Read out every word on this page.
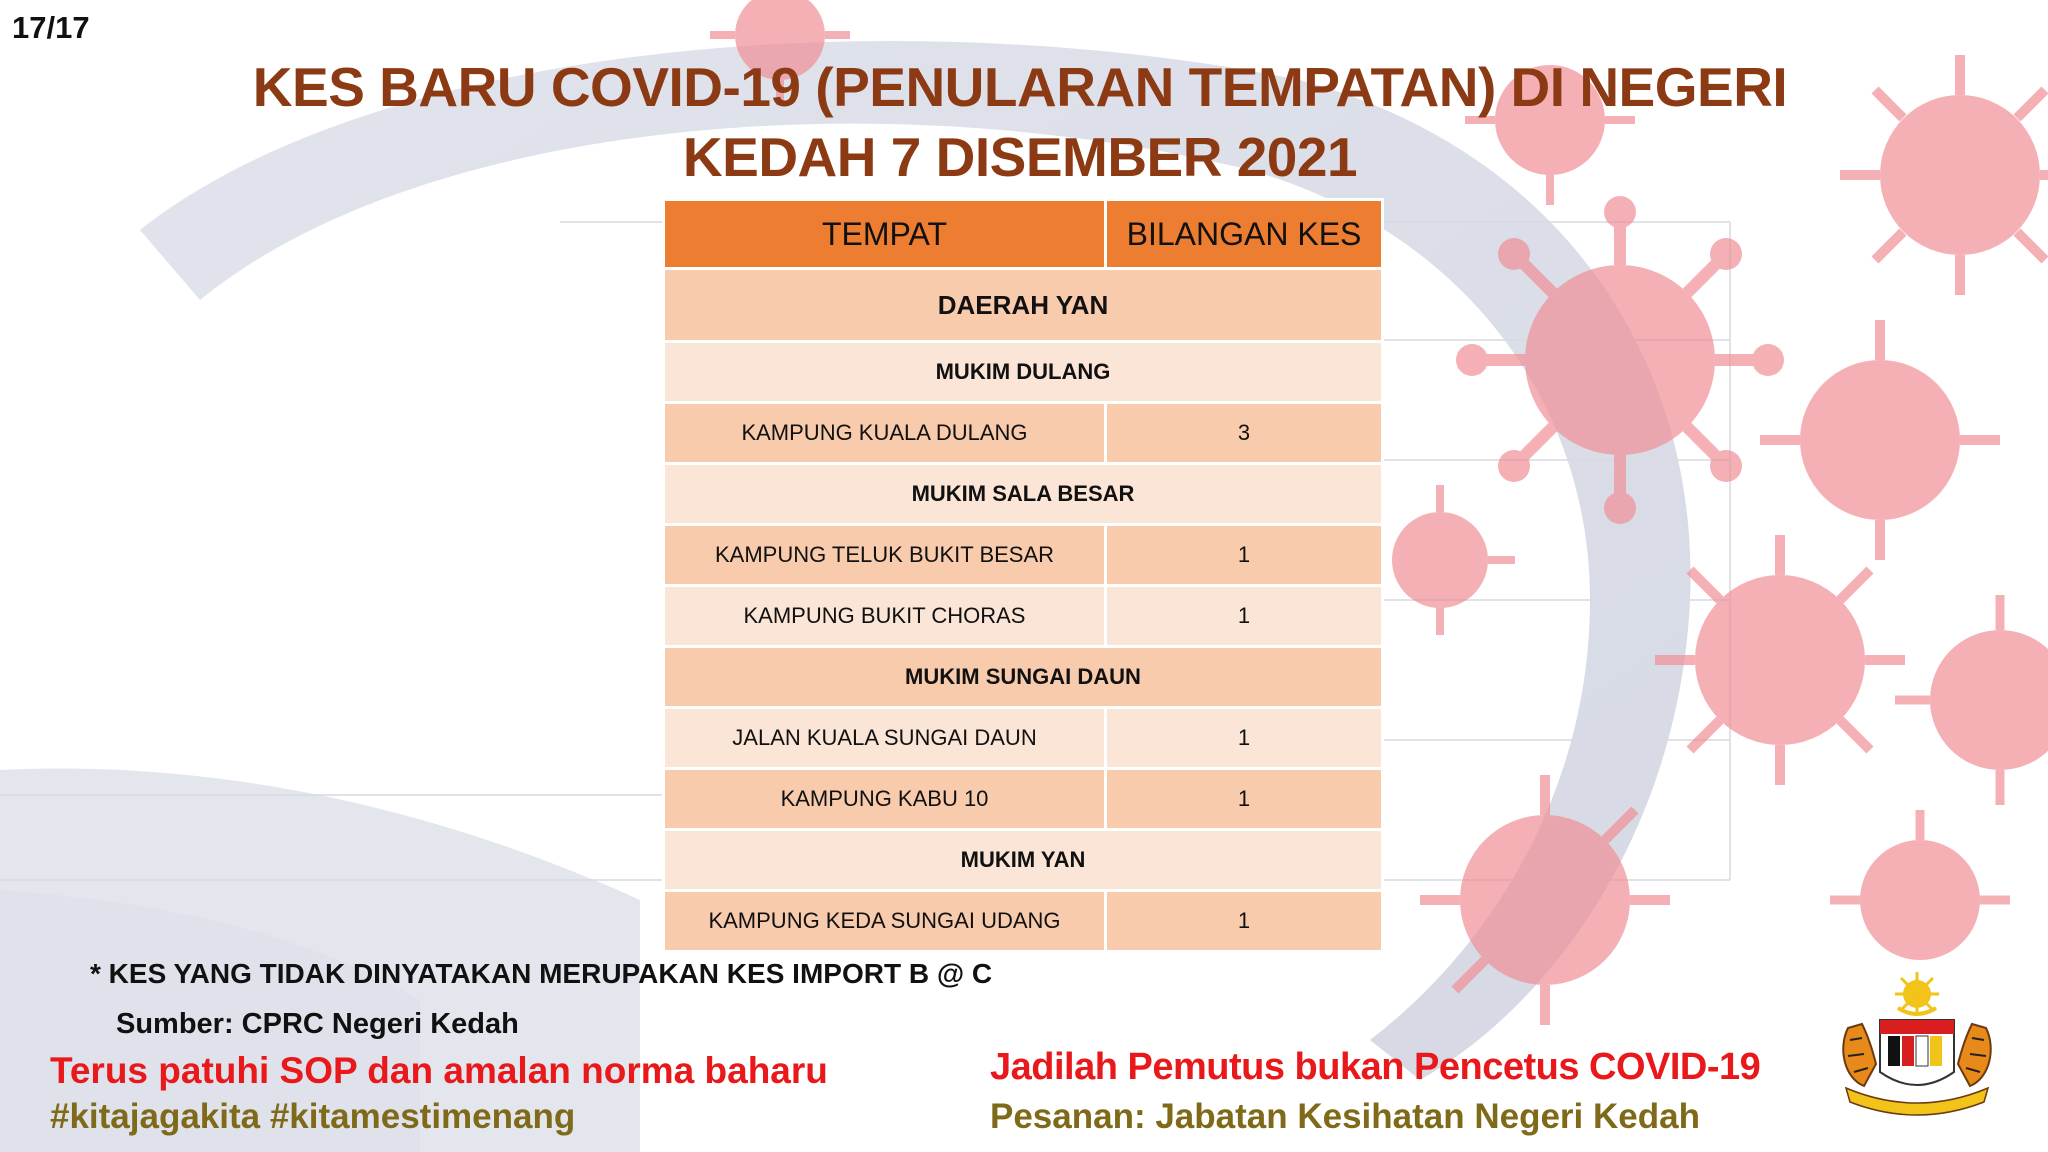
17/17
KES BARU COVID-19 (PENULARAN TEMPATAN) DI NEGERI
KEDAH 7 DISEMBER 2021
TEMPAT	BILANGAN KES
DAERAH YAN	
MUKIM DULANG	
KAMPUNG KUALA DULANG	3
MUKIM SALA BESAR	
KAMPUNG TELUK BUKIT BESAR	1
KAMPUNG BUKIT CHORAS	1
MUKIM SUNGAI DAUN	
JALAN KUALA SUNGAI DAUN	1
KAMPUNG KABU 10	1
MUKIM YAN	
KAMPUNG KEDA SUNGAI UDANG	1
* KES YANG TIDAK DINYATAKAN MERUPAKAN KES IMPORT B @ C
Sumber: CPRC Negeri Kedah
Terus patuhi SOP dan amalan norma baharu
#kitajagakita #kitamestimenang
Jadilah Pemutus bukan Pencetus COVID-19
Pesanan: Jabatan Kesihatan Negeri Kedah
